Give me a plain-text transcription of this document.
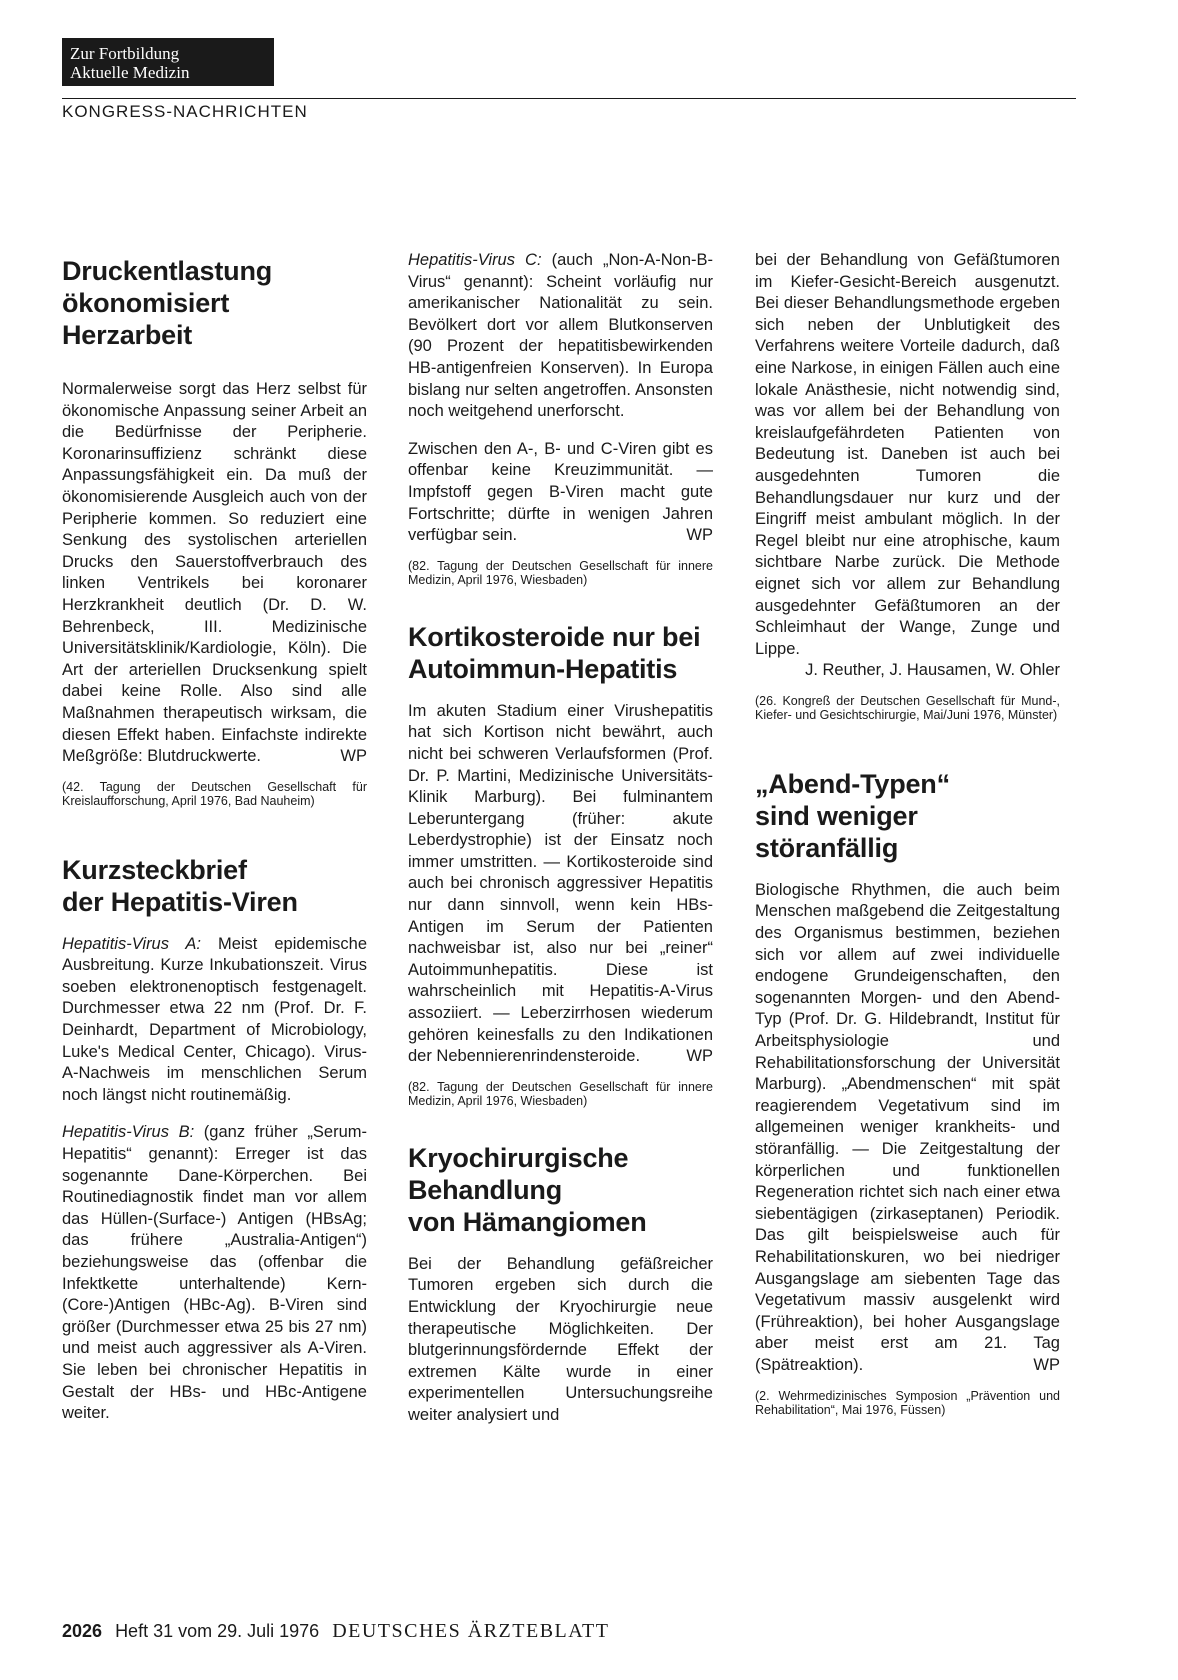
Zur Fortbildung
Aktuelle Medizin
KONGRESS-NACHRICHTEN
Druckentlastung
ökonomisiert
Herzarbeit

Normalerweise sorgt das Herz selbst für ökonomische Anpassung seiner Arbeit an die Bedürfnisse der Peripherie. Koronarinsuffizienz schränkt diese Anpassungsfähigkeit ein. Da muß der ökonomisierende Ausgleich auch von der Peripherie kommen. So reduziert eine Senkung des systolischen arteriellen Drucks den Sauerstoffverbrauch des linken Ventrikels bei koronarer Herzkrankheit deutlich (Dr. D. W. Behrenbeck, III. Medizinische Universitätsklinik/Kardiologie, Köln). Die Art der arteriellen Drucksenkung spielt dabei keine Rolle. Also sind alle Maßnahmen therapeutisch wirksam, die diesen Effekt haben. Einfachste indirekte Meßgröße: Blutdruckwerte.	WP

(42. Tagung der Deutschen Gesellschaft für Kreislaufforschung, April 1976, Bad Nauheim)

Kurzsteckbrief
der Hepatitis-Viren

Hepatitis-Virus A: Meist epidemische Ausbreitung. Kurze Inkubationszeit. Virus soeben elektronenoptisch festgenagelt. Durchmesser etwa 22 nm (Prof. Dr. F. Deinhardt, Department of Microbiology, Luke's Medical Center, Chicago). Virus-A-Nachweis im menschlichen Serum noch längst nicht routinemäßig.

Hepatitis-Virus B: (ganz früher „Serum-Hepatitis“ genannt): Erreger ist das sogenannte Dane-Körperchen. Bei Routinediagnostik findet man vor allem das Hüllen-(Surface-) Antigen (HBsAg; das frühere „Australia-Antigen“) beziehungsweise das (offenbar die Infektkette unterhaltende) Kern-(Core-)Antigen (HBc-Ag). B-Viren sind größer (Durchmesser etwa 25 bis 27 nm) und meist auch aggressiver als A-Viren. Sie leben bei chronischer Hepatitis in Gestalt der HBs- und HBc-Antigene weiter.

Hepatitis-Virus C: (auch „Non-A-Non-B-Virus“ genannt): Scheint vorläufig nur amerikanischer Nationalität zu sein. Bevölkert dort vor allem Blutkonserven (90 Prozent der hepatitisbewirkenden HB-antigenfreien Konserven). In Europa bislang nur selten angetroffen. Ansonsten noch weitgehend unerforscht.

Zwischen den A-, B- und C-Viren gibt es offenbar keine Kreuzimmunität. — Impfstoff gegen B-Viren macht gute Fortschritte; dürfte in wenigen Jahren verfügbar sein.	WP

(82. Tagung der Deutschen Gesellschaft für innere Medizin, April 1976, Wiesbaden)

Kortikosteroide nur bei
Autoimmun-Hepatitis

Im akuten Stadium einer Virushepatitis hat sich Kortison nicht bewährt, auch nicht bei schweren Verlaufsformen (Prof. Dr. P. Martini, Medizinische Universitäts-Klinik Marburg). Bei fulminantem Leberuntergang (früher: akute Leberdystrophie) ist der Einsatz noch immer umstritten. — Kortikosteroide sind auch bei chronisch aggressiver Hepatitis nur dann sinnvoll, wenn kein HBs-Antigen im Serum der Patienten nachweisbar ist, also nur bei „reiner“ Autoimmunhepatitis. Diese ist wahrscheinlich mit Hepatitis-A-Virus assoziiert. — Leberzirrhosen wiederum gehören keinesfalls zu den Indikationen der Nebennierenrindensteroide.	WP

(82. Tagung der Deutschen Gesellschaft für innere Medizin, April 1976, Wiesbaden)

Kryochirurgische
Behandlung
von Hämangiomen

Bei der Behandlung gefäßreicher Tumoren ergeben sich durch die Entwicklung der Kryochirurgie neue therapeutische Möglichkeiten. Der blutgerinnungsfördernde Effekt der extremen Kälte wurde in einer experimentellen Untersuchungsreihe weiter analysiert und

bei der Behandlung von Gefäßtumoren im Kiefer-Gesicht-Bereich ausgenutzt. Bei dieser Behandlungsmethode ergeben sich neben der Unblutigkeit des Verfahrens weitere Vorteile dadurch, daß eine Narkose, in einigen Fällen auch eine lokale Anästhesie, nicht notwendig sind, was vor allem bei der Behandlung von kreislaufgefährdeten Patienten von Bedeutung ist. Daneben ist auch bei ausgedehnten Tumoren die Behandlungsdauer nur kurz und der Eingriff meist ambulant möglich. In der Regel bleibt nur eine atrophische, kaum sichtbare Narbe zurück. Die Methode eignet sich vor allem zur Behandlung ausgedehnter Gefäßtumoren an der Schleimhaut der Wange, Zunge und Lippe.

J. Reuther, J. Hausamen, W. Ohler

(26. Kongreß der Deutschen Gesellschaft für Mund-, Kiefer- und Gesichtschirurgie, Mai/Juni 1976, Münster)

„Abend-Typen“
sind weniger
störanfällig

Biologische Rhythmen, die auch beim Menschen maßgebend die Zeitgestaltung des Organismus bestimmen, beziehen sich vor allem auf zwei individuelle endogene Grundeigenschaften, den sogenannten Morgen- und den Abend-Typ (Prof. Dr. G. Hildebrandt, Institut für Arbeitsphysiologie und Rehabilitationsforschung der Universität Marburg). „Abendmenschen“ mit spät reagierendem Vegetativum sind im allgemeinen weniger krankheits- und störanfällig. — Die Zeitgestaltung der körperlichen und funktionellen Regeneration richtet sich nach einer etwa siebentägigen (zirkaseptanen) Periodik. Das gilt beispielsweise auch für Rehabilitationskuren, wo bei niedriger Ausgangslage am siebenten Tage das Vegetativum massiv ausgelenkt wird (Frühreaktion), bei hoher Ausgangslage aber meist erst am 21. Tag (Spätreaktion).	WP

(2. Wehrmedizinisches Symposion „Prävention und Rehabilitation“, Mai 1976, Füssen)

2026 Heft 31 vom 29. Juli 1976 DEUTSCHES ÄRZTEBLATT
